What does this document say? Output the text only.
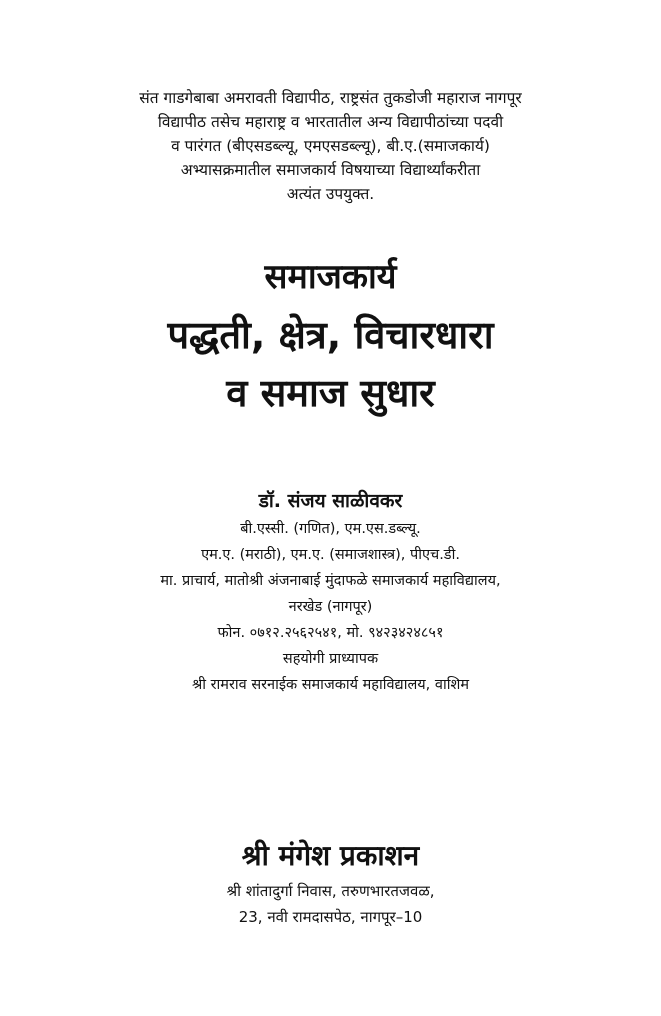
संत गाडगेबाबा अमरावती विद्यापीठ, राष्ट्रसंत तुकडोजी महाराज नागपूर
विद्यापीठ तसेच महाराष्ट्र व भारतातील अन्य विद्यापीठांच्या पदवी
व पारंगत (बीएसडब्ल्यू, एमएसडब्ल्यू), बी.ए.(समाजकार्य)
अभ्यासक्रमातील समाजकार्य विषयाच्या विद्यार्थ्यांकरीता
अत्यंत उपयुक्त.
समाजकार्य
पद्धती, क्षेत्र, विचारधारा
व समाज सुधार
डॉ. संजय साळीवकर
बी.एस्सी. (गणित), एम.एस.डब्ल्यू.
एम.ए. (मराठी), एम.ए. (समाजशास्त्र), पीएच.डी.
मा. प्राचार्य, मातोश्री अंजनाबाई मुंदाफळे समाजकार्य महाविद्यालय,
नरखेड (नागपूर)
फोन. ०७१२.२५६२५४१, मो. ९४२३४२४८५१
सहयोगी प्राध्यापक
श्री रामराव सरनाईक समाजकार्य महाविद्यालय, वाशिम
श्री मंगेश प्रकाशन
श्री शांतादुर्गा निवास, तरुणभारतजवळ,
23, नवी रामदासपेठ, नागपूर–10
